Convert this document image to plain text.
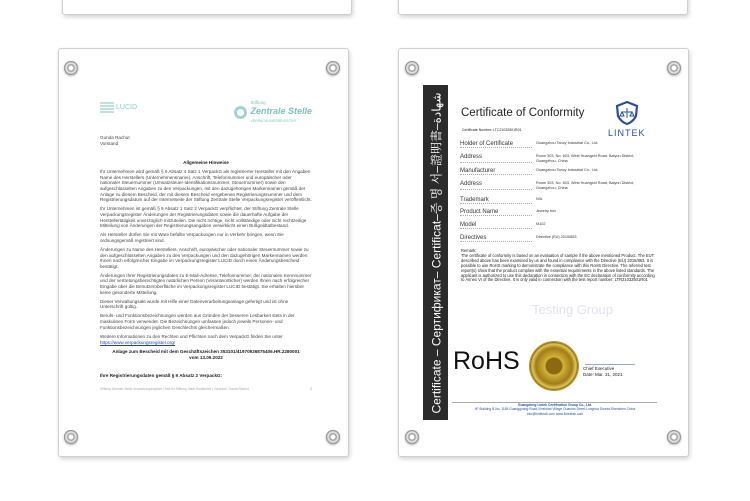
LUCID
Stiftung
Zentrale Stelle
VERPACKUNGSREGISTER
Gunda Rachut
Vorstand

Allgemeine Hinweise

Ihr Unternehmen wird gemäß § 9 Absatz 4 Satz 1 VerpackG als registrierter Hersteller mit den Angaben Name des Herstellers (Unternehmensname), Anschrift, Telefonnummer und europäischer oder nationaler Steuernummer (Umsatzsteuer-Identifikationsnummer, Steuernummer) sowie den aufgeschlüsselten Angaben zu den Verpackungen, mit den dazugehörigen Markennamen gemäß der Anlage zu diesem Bescheid, der mit diesem Bescheid vergebenen Registrierungsnummer und dem Registrierungsdatum auf der Internetseite der Stiftung Zentrale Stelle Verpackungsregister veröffentlicht.

Ihr Unternehmen ist gemäß § 9 Absatz 1 Satz 2 VerpackG verpflichtet, der Stiftung Zentrale Stelle Verpackungsregister Änderungen der Registrierungsdaten sowie die dauerhafte Aufgabe der Herstellertätigkeit unverzüglich mitzuteilen. Die nicht richtige, nicht vollständige oder nicht rechtzeitige Mitteilung von Änderungen der Registrierungsangaben verwirklicht einen Bußgeldtatbestand.

Als Hersteller dürfen Sie mit Ware befüllte Verpackungen nur in Verkehr bringen, wenn Sie ordnungsgemäß registriert sind.

Änderungen zu Name des Herstellers, Anschrift, europäischer oder nationaler Steuernummer sowie zu den aufgeschlüsselten Angaben zu den Verpackungen und den dazugehörigen Markennamen werden Ihnen nach erfolgreicher Eingabe im Verpackungsregister LUCID durch einen Änderungsbescheid bestätigt.

Änderungen Ihrer Registrierungsdaten zu E-Mail-Adresse, Telefonnummer, der nationalen Kennnummer und der vertretungsberechtigten natürlichen Person (Verantwortlicher) werden Ihnen nach erfolgreicher Eingabe über die Benutzeroberfläche im Verpackungsregister LUCID bestätigt. Sie erhalten hierüber keine gesonderte Mitteilung.

Dieser Verwaltungsakt wurde mit Hilfe einer Datenverarbeitungsanlage gefertigt und ist ohne Unterschrift gültig.

Berufs- und Funktionsbezeichnungen werden aus Gründen der besseren Lesbarkeit stets in der maskulinen Form verwendet. Die Bezeichnungen umfassen jedoch jeweils Personen- und Funktionsbezeichnungen jeglichen Geschlechts gleichermaßen.

Weitere Informationen zu den Rechten und Pflichten nach dem VerpackG finden Sie unter

https://www.verpackungsregister.org/

Anlage zum Bescheid mit dem Geschäftszeichen 353101/41970926875406.HR.2280001
vom 13.09.2022
Ihre Registrierungsdaten gemäß § 9 Absatz 2 VerpackG:
Stiftung Zentrale Stelle Verpackungsregister | Amt für Stiftung Stadt Osnabrück | Vorstand: Gunda Rachut	2	Certificate – Сертификат– Certificat–증 명 서–證明書–شهادة Certificate of Conformity
LINTEK
Certificate Number: LTC21032501R01
Holder of Certificate	Guangzhou Tancy Industrial Co., Ltd.
Address	Room 303, No. 603, West Huangshi Road, Baiyun District, Guangzhou, China
Manufacturer	Guangzhou Tancy Industrial Co., Ltd.
Address	Room 303, No. 603, West Huangshi Road, Baiyun District, Guangzhou, China
Trademark	N/A
Product Name	Jewelry box
Model	M102
Directives	Directive (EU) 2015/863
Remark:
The certificate of conformity is based on an evaluation of sample if the above mentioned Product. The EUT described above has been examined by us and found in compliance with the Directive (EU) 2015/863. It is possible to use RoHS marking to demonstrate the compliance with this RoHS Directive. The referred test report(s) show that the product complies with the essential requirements in the above listed standards. The applicant is authorized to use this declaration in connection with the EC declaration of conformity according to Annex VI of the Directive. It is only valid in connection with the test report number: LTR21032501R01
Testing Group
RoHS	Chief Executive
Date: Mar. 31, 2021
Guangdong Lintek Certification Group Co., Ltd.
4F Building B,No. 1185 Guangguang Road,Xinshidai Village,Guanlan Street,Longhua District,Shenzhen,China
info@lintektab.com www.lintektab.com
